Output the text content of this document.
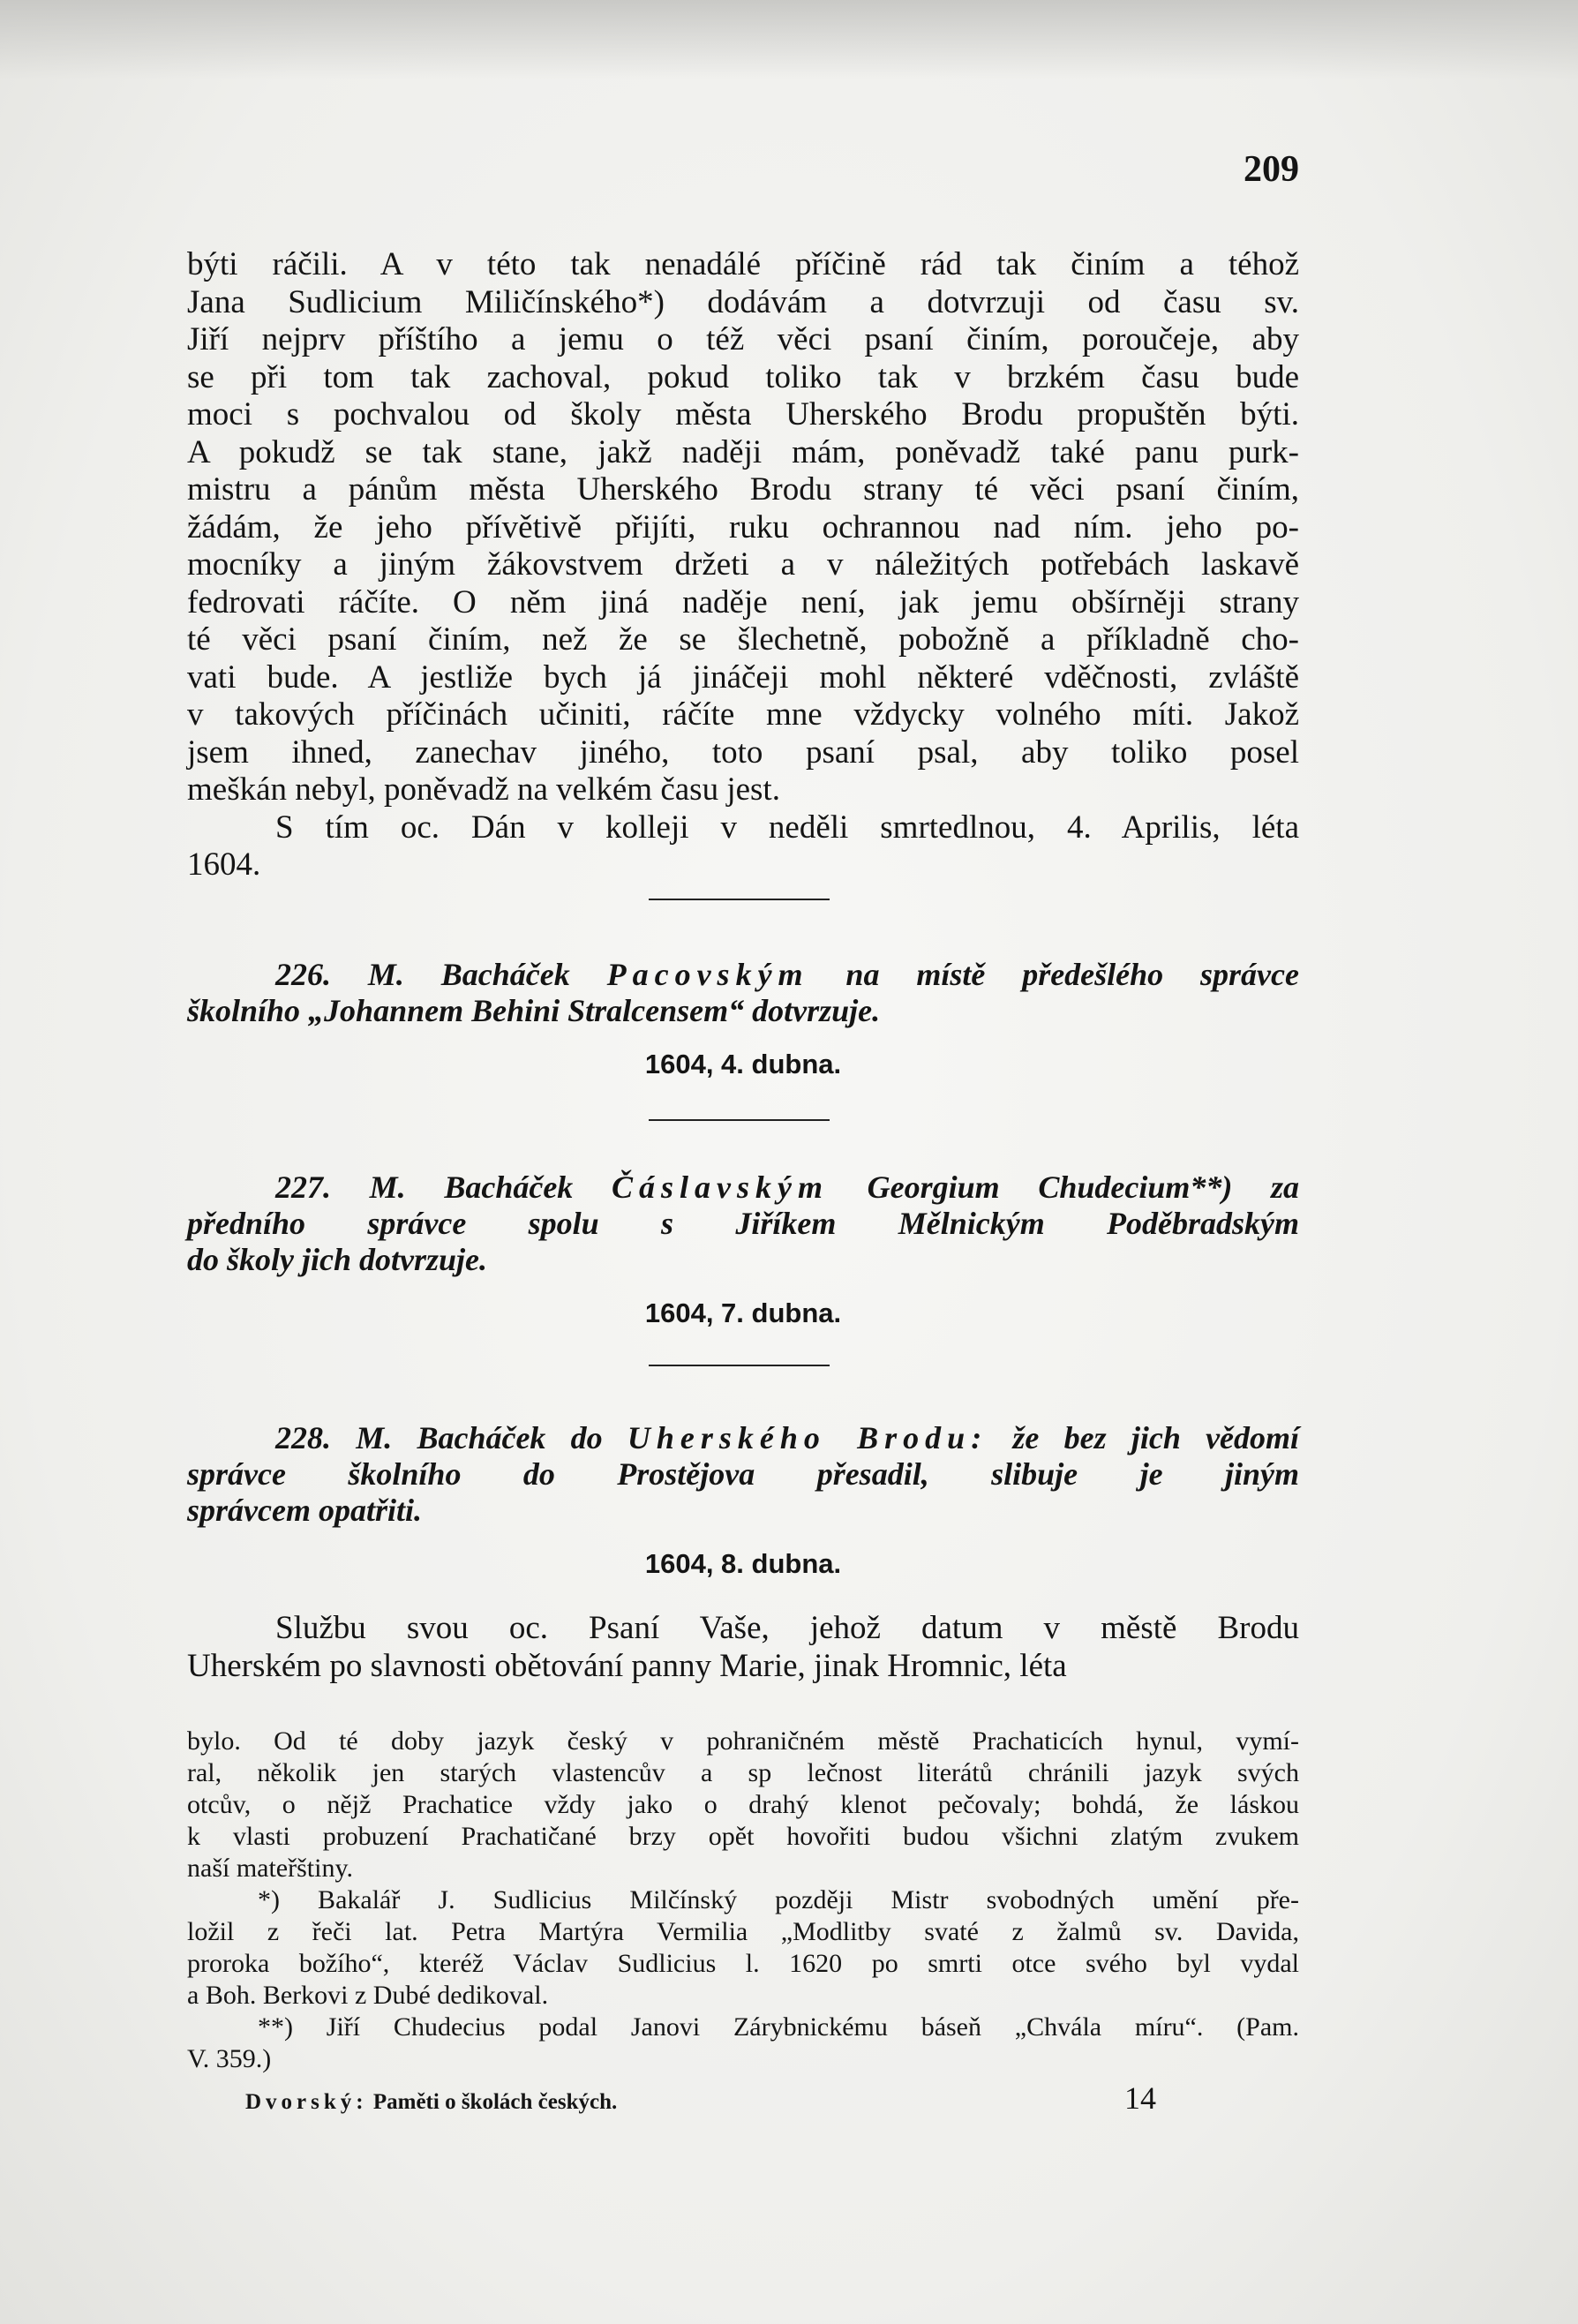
209
býti ráčili. A v této tak nenadálé příčině rád tak činím a téhož
Jana Sudlicium Miličínského*) dodávám a dotvrzuji od času sv.
Jiří nejprv příštího a jemu o též věci psaní činím, poroučeje, aby
se při tom tak zachoval, pokud toliko tak v brzkém času bude
moci s pochvalou od školy města Uherského Brodu propuštěn býti.
A pokudž se tak stane, jakž naději mám, poněvadž také panu purk-
mistru a pánům města Uherského Brodu strany té věci psaní činím,
žádám, že jeho přívětivě přijíti, ruku ochrannou nad ním. jeho po-
mocníky a jiným žákovstvem držeti a v náležitých potřebách laskavě
fedrovati ráčíte. O něm jiná naděje není, jak jemu obšírněji strany
té věci psaní činím, než že se šlechetně, pobožně a příkladně cho-
vati bude. A jestliže bych já jináčeji mohl některé vděčnosti, zvláště
v takových příčinách učiniti, ráčíte mne vždycky volného míti. Jakož
jsem ihned, zanechav jiného, toto psaní psal, aby toliko posel
meškán nebyl, poněvadž na velkém času jest.
S tím oc. Dán v kolleji v neděli smrtedlnou, 4. Aprilis, léta
1604.
226. M. Bacháček Pacovským na místě předešlého správce
školního „Johannem Behini Stralcensem“ dotvrzuje.
1604, 4. dubna.
227. M. Bacháček Čáslavským Georgium Chudecium**) za
předního správce spolu s Jiříkem Mělnickým Poděbradským
do školy jich dotvrzuje.
1604, 7. dubna.
228. M. Bacháček do Uherského Brodu: že bez jich vědomí
správce školního do Prostějova přesadil, slibuje je jiným
správcem opatřiti.
1604, 8. dubna.
Službu svou oc. Psaní Vaše, jehož datum v městě Brodu
Uherském po slavnosti obětování panny Marie, jinak Hromnic, léta
bylo. Od té doby jazyk český v pohraničném městě Prachaticích hynul, vymí-
ral, několik jen starých vlastencův a sp lečnost literátů chránili jazyk svých
otcův, o nějž Prachatice vždy jako o drahý klenot pečovaly; bohdá, že láskou
k vlasti probuzení Prachatičané brzy opět hovořiti budou všichni zlatým zvukem
naší mateřštiny.
*) Bakalář J. Sudlicius Milčínský později Mistr svobodných umění pře-
ložil z řeči lat. Petra Martýra Vermilia „Modlitby svaté z žalmů sv. Davida,
proroka božího“, kteréž Václav Sudlicius l. 1620 po smrti otce svého byl vydal
a Boh. Berkovi z Dubé dedikoval.
**) Jiří Chudecius podal Janovi Zárybnickému báseň „Chvála míru“. (Pam.
V. 359.)
Dvorský: Paměti o školách českých.	14
